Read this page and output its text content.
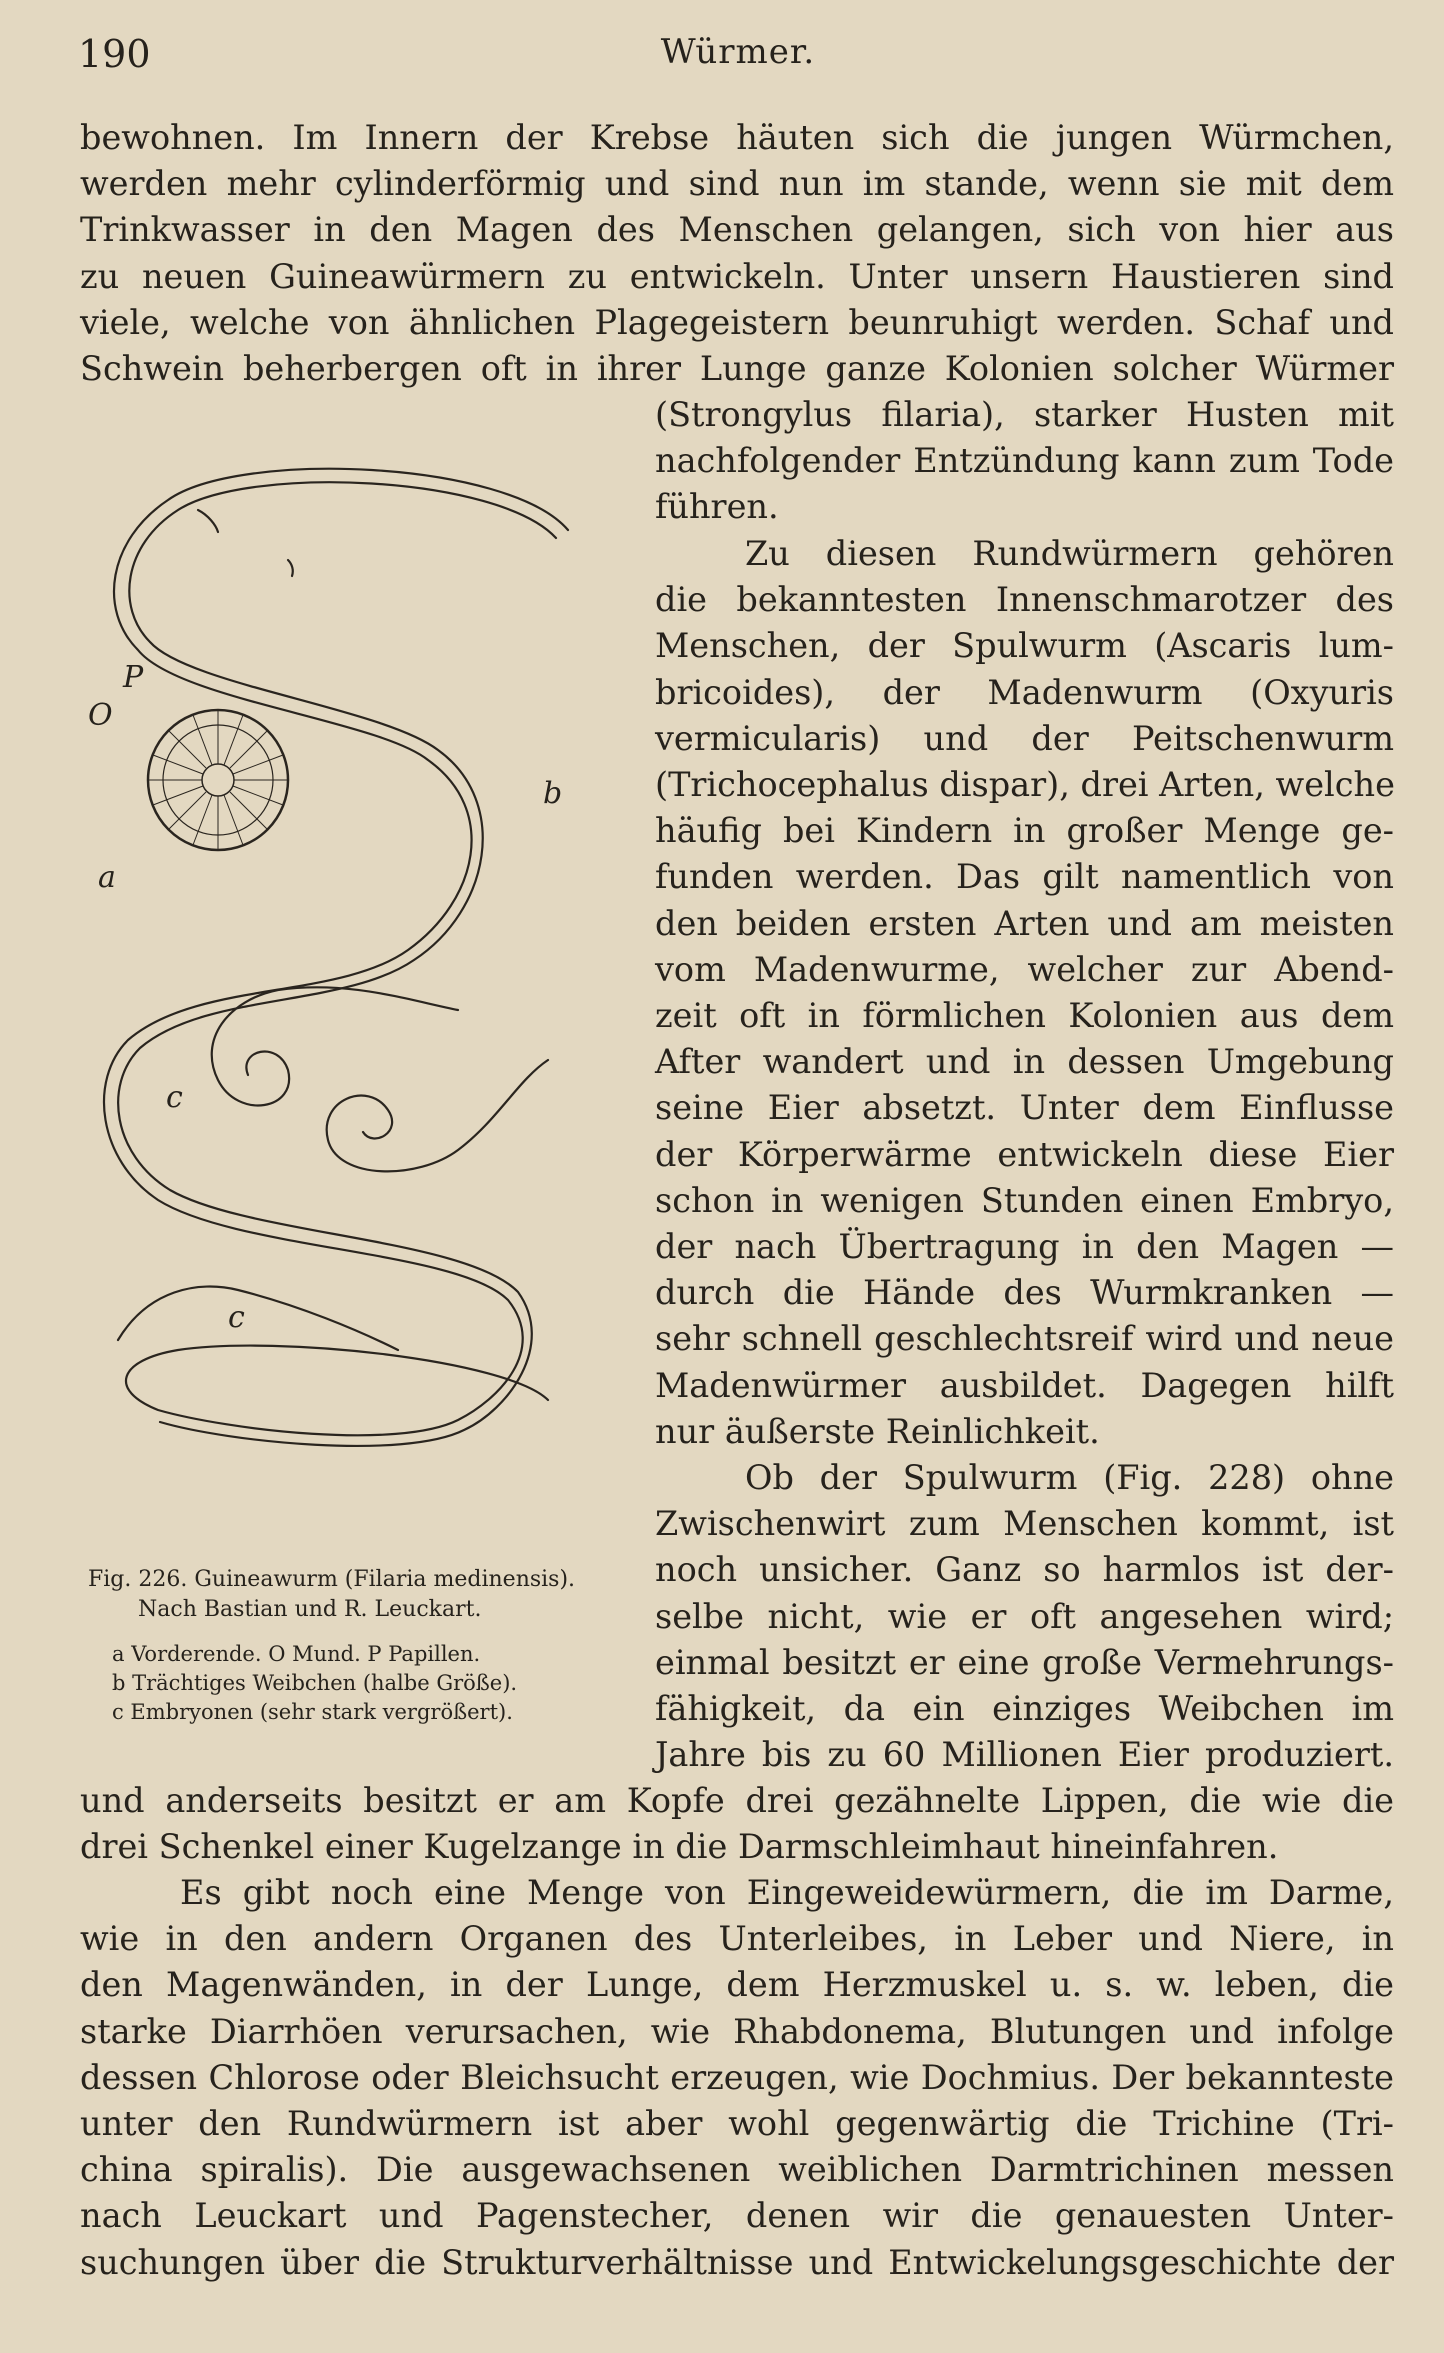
190	Würmer.
bewohnen. Im Innern der Krebse häuten sich die jungen Würmchen,
werden mehr cylinderförmig und sind nun im stande, wenn sie mit dem
Trinkwasser in den Magen des Menschen gelangen, sich von hier aus
zu neuen Guineawürmern zu entwickeln. Unter unsern Haustieren sind
viele, welche von ähnlichen Plagegeistern beunruhigt werden. Schaf und
Schwein beherbergen oft in ihrer Lunge ganze Kolonien solcher Würmer
(Strongylus filaria), starker Husten mit
nachfolgender Entzündung kann zum Tode
führen.
Zu diesen Rundwürmern gehören
die bekanntesten Innenschmarotzer des
Menschen, der Spulwurm (Ascaris lum-
bricoides), der Madenwurm (Oxyuris
vermicularis) und der Peitschenwurm
(Trichocephalus dispar), drei Arten, welche
häufig bei Kindern in großer Menge ge-
funden werden. Das gilt namentlich von
den beiden ersten Arten und am meisten
vom Madenwurme, welcher zur Abend-
zeit oft in förmlichen Kolonien aus dem
After wandert und in dessen Umgebung
seine Eier absetzt. Unter dem Einflusse
der Körperwärme entwickeln diese Eier
schon in wenigen Stunden einen Embryo,
der nach Übertragung in den Magen —
durch die Hände des Wurmkranken —
sehr schnell geschlechtsreif wird und neue
Madenwürmer ausbildet. Dagegen hilft
nur äußerste Reinlichkeit.
Ob der Spulwurm (Fig. 228) ohne
Zwischenwirt zum Menschen kommt, ist
noch unsicher. Ganz so harmlos ist der-
selbe nicht, wie er oft angesehen wird;
einmal besitzt er eine große Vermehrungs-
fähigkeit, da ein einziges Weibchen im
Jahre bis zu 60 Millionen Eier produziert.
und anderseits besitzt er am Kopfe drei gezähnelte Lippen, die wie die
drei Schenkel einer Kugelzange in die Darmschleimhaut hineinfahren.
Es gibt noch eine Menge von Eingeweidewürmern, die im Darme,
wie in den andern Organen des Unterleibes, in Leber und Niere, in
den Magenwänden, in der Lunge, dem Herzmuskel u. s. w. leben, die
starke Diarrhöen verursachen, wie Rhabdonema, Blutungen und infolge
dessen Chlorose oder Bleichsucht erzeugen, wie Dochmius. Der bekannteste
unter den Rundwürmern ist aber wohl gegenwärtig die Trichine (Tri-
china spiralis). Die ausgewachsenen weiblichen Darmtrichinen messen
nach Leuckart und Pagenstecher, denen wir die genauesten Unter-
suchungen über die Strukturverhältnisse und Entwickelungsgeschichte der
O
P
a
b
c
c
Fig. 226. Guineawurm (Filaria medinensis).
Nach Bastian und R. Leuckart.
a Vorderende. O Mund. P Papillen.
b Trächtiges Weibchen (halbe Größe).
c Embryonen (sehr stark vergrößert).
